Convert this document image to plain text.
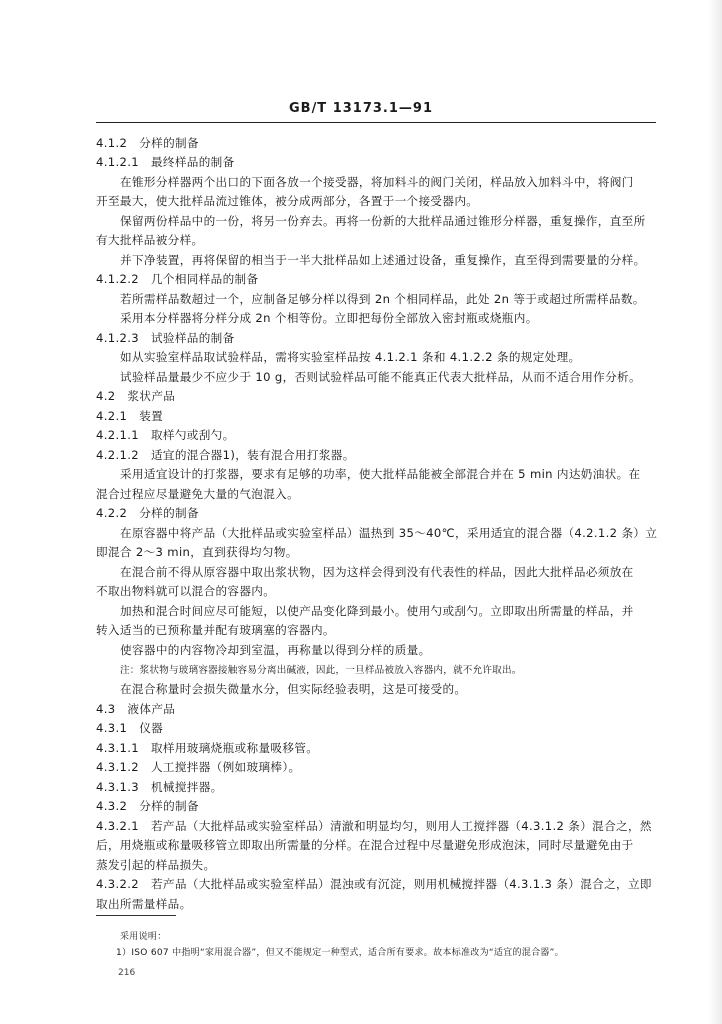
GB/T 13173.1—91
4.1.2　分样的制备
4.1.2.1　最终样品的制备
在锥形分样器两个出口的下面各放一个接受器，将加料斗的阀门关闭，样品放入加料斗中，将阀门
开至最大，使大批样品流过锥体，被分成两部分，各置于一个接受器内。
保留两份样品中的一份，将另一份弃去。再将一份新的大批样品通过锥形分样器，重复操作，直至所
有大批样品被分样。
并下净装置，再将保留的相当于一半大批样品如上述通过设备，重复操作，直至得到需要量的分样。
4.1.2.2　几个相同样品的制备
若所需样品数超过一个，应制备足够分样以得到 2n 个相同样品，此处 2n 等于或超过所需样品数。
采用本分样器将分样分成 2n 个相等份。立即把每份全部放入密封瓶或烧瓶内。
4.1.2.3　试验样品的制备
如从实验室样品取试验样品，需将实验室样品按 4.1.2.1 条和 4.1.2.2 条的规定处理。
试验样品量最少不应少于 10 g，否则试验样品可能不能真正代表大批样品，从而不适合用作分析。
4.2　浆状产品
4.2.1　装置
4.2.1.1　取样勺或刮勺。
4.2.1.2　适宜的混合器1)，装有混合用打浆器。
采用适宜设计的打浆器，要求有足够的功率，使大批样品能被全部混合并在 5 min 内达奶油状。在
混合过程应尽量避免大量的气泡混入。
4.2.2　分样的制备
在原容器中将产品（大批样品或实验室样品）温热到 35～40℃，采用适宜的混合器（4.2.1.2 条）立
即混合 2～3 min，直到获得均匀物。
在混合前不得从原容器中取出浆状物，因为这样会得到没有代表性的样品，因此大批样品必须放在
不取出物料就可以混合的容器内。
加热和混合时间应尽可能短，以使产品变化降到最小。使用勺或刮勺。立即取出所需量的样品，并
转入适当的已预称量并配有玻璃塞的容器内。
使容器中的内容物冷却到室温，再称量以得到分样的质量。
注：浆状物与玻璃容器接触容易分离出碱液，因此，一旦样品被放入容器内，就不允许取出。
在混合称量时会损失微量水分，但实际经验表明，这是可接受的。
4.3　液体产品
4.3.1　仪器
4.3.1.1　取样用玻璃烧瓶或称量吸移管。
4.3.1.2　人工搅拌器（例如玻璃棒）。
4.3.1.3　机械搅拌器。
4.3.2　分样的制备
4.3.2.1　若产品（大批样品或实验室样品）清澈和明显均匀，则用人工搅拌器（4.3.1.2 条）混合之，然
后，用烧瓶或称量吸移管立即取出所需量的分样。在混合过程中尽量避免形成泡沫，同时尽量避免由于
蒸发引起的样品损失。
4.3.2.2　若产品（大批样品或实验室样品）混浊或有沉淀，则用机械搅拌器（4.3.1.3 条）混合之，立即
取出所需量样品。
采用说明：
1）ISO 607 中指明“家用混合器”，但又不能规定一种型式，适合所有要求。故本标准改为“适宜的混合器”。
216
